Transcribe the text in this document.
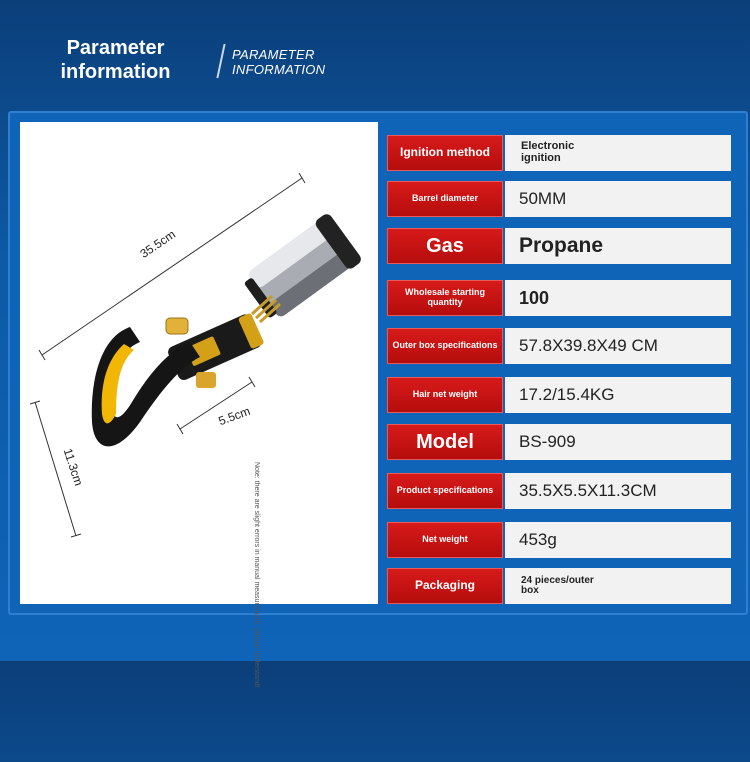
Parameter information
PARAMETER
INFORMATION
35.5cm
5.5cm
11.3cm	Note: there are slight errors in manual measurement, please understand!
Ignition method	Electronic ignition
Barrel diameter	50MM
Gas	Propane
Wholesale starting quantity	100
Outer box specifications	57.8X39.8X49 CM
Hair net weight	17.2/15.4KG
Model	BS-909
Product specifications	35.5X5.5X11.3CM
Net weight	453g
Packaging	24 pieces/outer box
